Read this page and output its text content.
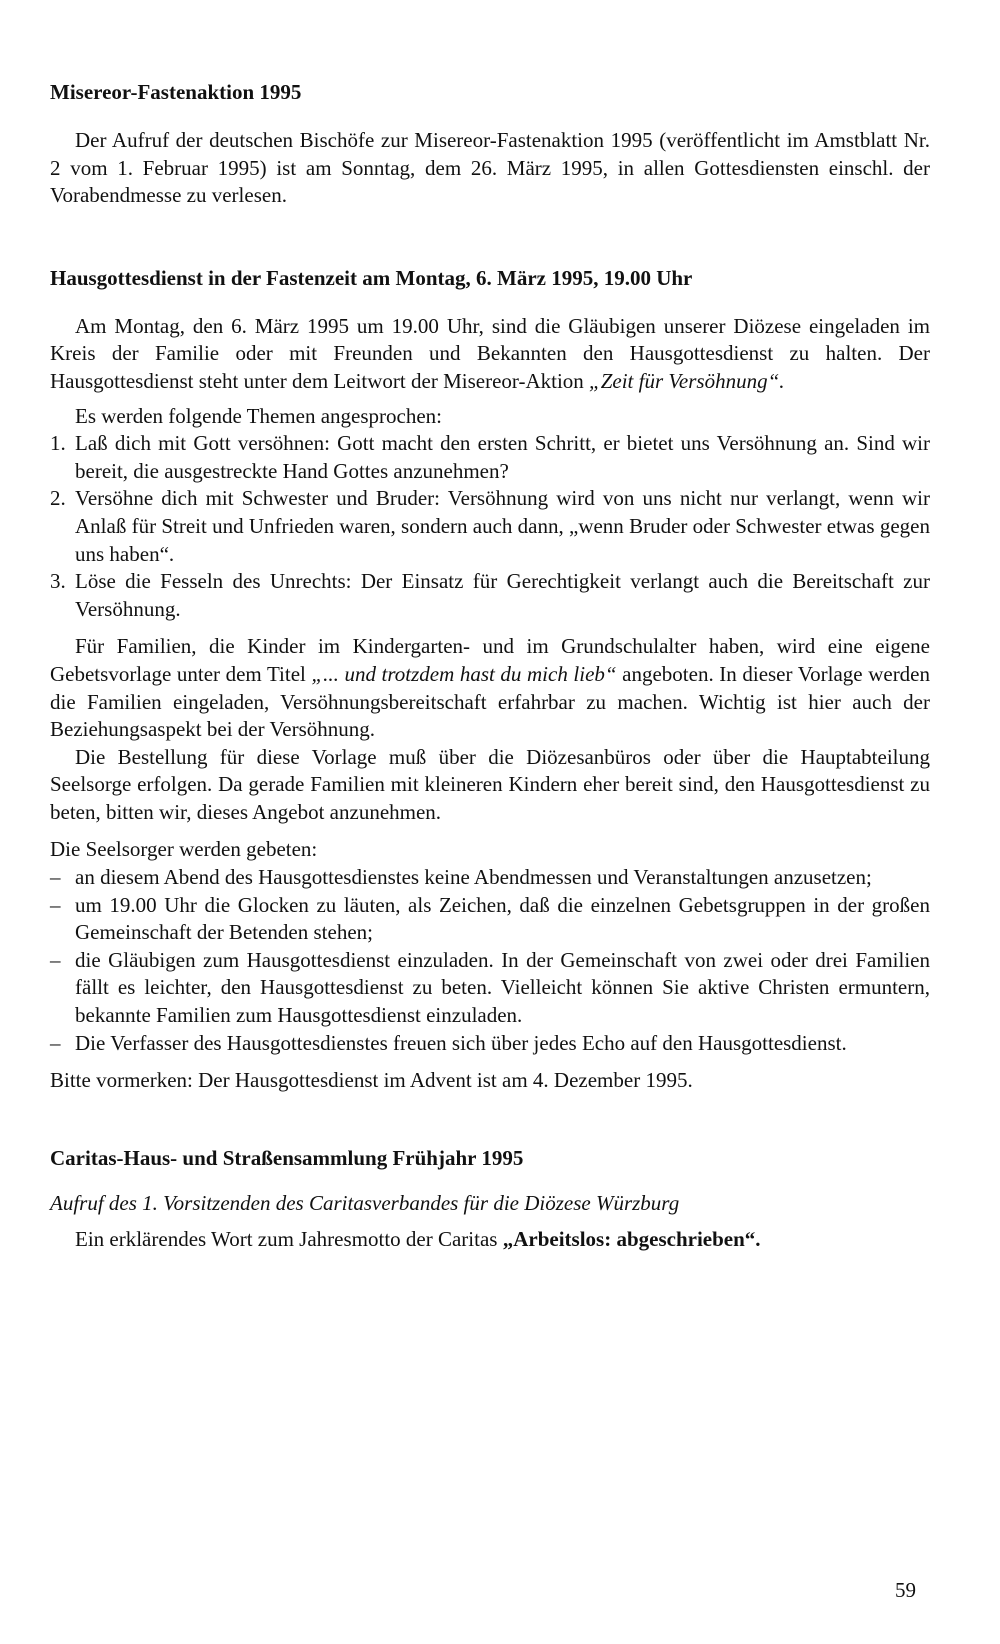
Misereor-Fastenaktion 1995

Der Aufruf der deutschen Bischöfe zur Misereor-Fastenaktion 1995 (veröffentlicht im Amstblatt Nr. 2 vom 1. Februar 1995) ist am Sonntag, dem 26. März 1995, in allen Gottesdiensten einschl. der Vorabendmesse zu verlesen.

Hausgottesdienst in der Fastenzeit am Montag, 6. März 1995, 19.00 Uhr

Am Montag, den 6. März 1995 um 19.00 Uhr, sind die Gläubigen unserer Diözese eingeladen im Kreis der Familie oder mit Freunden und Bekannten den Hausgottesdienst zu halten. Der Hausgottesdienst steht unter dem Leitwort der Misereor-Aktion „Zeit für Versöhnung“.

Es werden folgende Themen angesprochen:

1. Laß dich mit Gott versöhnen: Gott macht den ersten Schritt, er bietet uns Versöhnung an. Sind wir bereit, die ausgestreckte Hand Gottes anzunehmen?
2. Versöhne dich mit Schwester und Bruder: Versöhnung wird von uns nicht nur verlangt, wenn wir Anlaß für Streit und Unfrieden waren, sondern auch dann, „wenn Bruder oder Schwester etwas gegen uns haben“.
3. Löse die Fesseln des Unrechts: Der Einsatz für Gerechtigkeit verlangt auch die Bereitschaft zur Versöhnung.

Für Familien, die Kinder im Kindergarten- und im Grundschulalter haben, wird eine eigene Gebetsvorlage unter dem Titel „... und trotzdem hast du mich lieb“ angeboten. In dieser Vorlage werden die Familien eingeladen, Versöhnungsbereitschaft erfahrbar zu machen. Wichtig ist hier auch der Beziehungsaspekt bei der Versöhnung.

Die Bestellung für diese Vorlage muß über die Diözesanbüros oder über die Hauptabteilung Seelsorge erfolgen. Da gerade Familien mit kleineren Kindern eher bereit sind, den Hausgottesdienst zu beten, bitten wir, dieses Angebot anzunehmen.

Die Seelsorger werden gebeten:

– an diesem Abend des Hausgottesdienstes keine Abendmessen und Veranstaltungen anzusetzen;
– um 19.00 Uhr die Glocken zu läuten, als Zeichen, daß die einzelnen Gebetsgruppen in der großen Gemeinschaft der Betenden stehen;
– die Gläubigen zum Hausgottesdienst einzuladen. In der Gemeinschaft von zwei oder drei Familien fällt es leichter, den Hausgottesdienst zu beten. Vielleicht können Sie aktive Christen ermuntern, bekannte Familien zum Hausgottesdienst einzuladen.
– Die Verfasser des Hausgottesdienstes freuen sich über jedes Echo auf den Hausgottesdienst.

Bitte vormerken: Der Hausgottesdienst im Advent ist am 4. Dezember 1995.

Caritas-Haus- und Straßensammlung Frühjahr 1995

Aufruf des 1. Vorsitzenden des Caritasverbandes für die Diözese Würzburg

Ein erklärendes Wort zum Jahresmotto der Caritas „Arbeitslos: abgeschrieben“.

59
